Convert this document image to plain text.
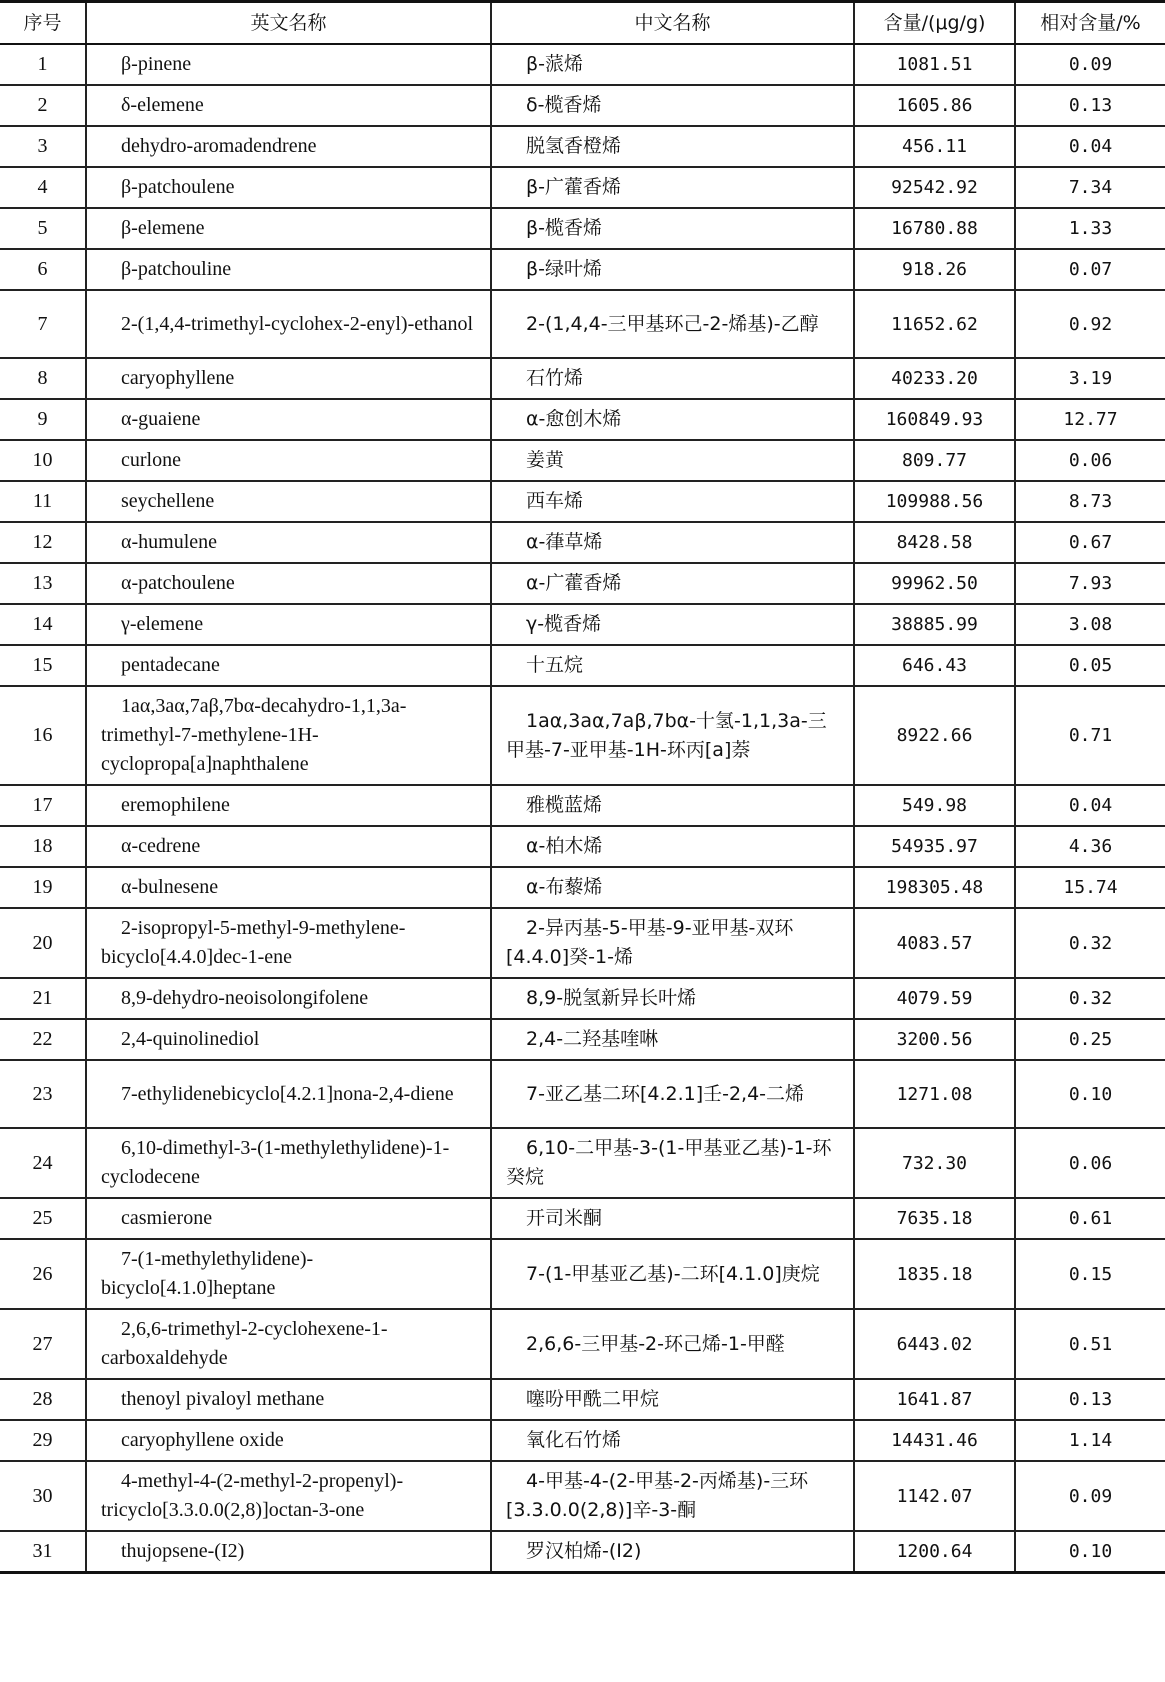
序号	英文名称	中文名称	含量/(μg/g)	相对含量/%
1	β-pinene	β-蒎烯	1081.51	0.09
2	δ-elemene	δ-榄香烯	1605.86	0.13
3	dehydro-aromadendrene	脱氢香橙烯	456.11	0.04
4	β-patchoulene	β-广藿香烯	92542.92	7.34
5	β-elemene	β-榄香烯	16780.88	1.33
6	β-patchouline	β-绿叶烯	918.26	0.07
7	2-(1,4,4-trimethyl-cyclohex-2-enyl)-ethanol	2-(1,4,4-三甲基环己-2-烯基)-乙醇	11652.62	0.92
8	caryophyllene	石竹烯	40233.20	3.19
9	α-guaiene	α-愈创木烯	160849.93	12.77
10	curlone	姜黄	809.77	0.06
11	seychellene	西车烯	109988.56	8.73
12	α-humulene	α-葎草烯	8428.58	0.67
13	α-patchoulene	α-广藿香烯	99962.50	7.93
14	γ-elemene	γ-榄香烯	38885.99	3.08
15	pentadecane	十五烷	646.43	0.05
16	1aα,3aα,7aβ,7bα-decahydro-1,1,3a-trimethyl-7-methylene-1H-cyclopropa[a]naphthalene	1aα,3aα,7aβ,7bα-十氢-1,1,3a-三甲基-7-亚甲基-1H-环丙[a]萘	8922.66	0.71
17	eremophilene	雅榄蓝烯	549.98	0.04
18	α-cedrene	α-柏木烯	54935.97	4.36
19	α-bulnesene	α-布藜烯	198305.48	15.74
20	2-isopropyl-5-methyl-9-methylene-bicyclo[4.4.0]dec-1-ene	2-异丙基-5-甲基-9-亚甲基-双环[4.4.0]癸-1-烯	4083.57	0.32
21	8,9-dehydro-neoisolongifolene	8,9-脱氢新异长叶烯	4079.59	0.32
22	2,4-quinolinediol	2,4-二羟基喹啉	3200.56	0.25
23	7-ethylidenebicyclo[4.2.1]nona-2,4-diene	7-亚乙基二环[4.2.1]壬-2,4-二烯	1271.08	0.10
24	6,10-dimethyl-3-(1-methylethylidene)-1-cyclodecene	6,10-二甲基-3-(1-甲基亚乙基)-1-环癸烷	732.30	0.06
25	casmierone	开司米酮	7635.18	0.61
26	7-(1-methylethylidene)-bicyclo[4.1.0]heptane	7-(1-甲基亚乙基)-二环[4.1.0]庚烷	1835.18	0.15
27	2,6,6-trimethyl-2-cyclohexene-1-carboxaldehyde	2,6,6-三甲基-2-环己烯-1-甲醛	6443.02	0.51
28	thenoyl pivaloyl methane	噻吩甲酰二甲烷	1641.87	0.13
29	caryophyllene oxide	氧化石竹烯	14431.46	1.14
30	4-methyl-4-(2-methyl-2-propenyl)-tricyclo[3.3.0.0(2,8)]octan-3-one	4-甲基-4-(2-甲基-2-丙烯基)-三环[3.3.0.0(2,8)]辛-3-酮	1142.07	0.09
31	thujopsene-(I2)	罗汉柏烯-(I2)	1200.64	0.10
